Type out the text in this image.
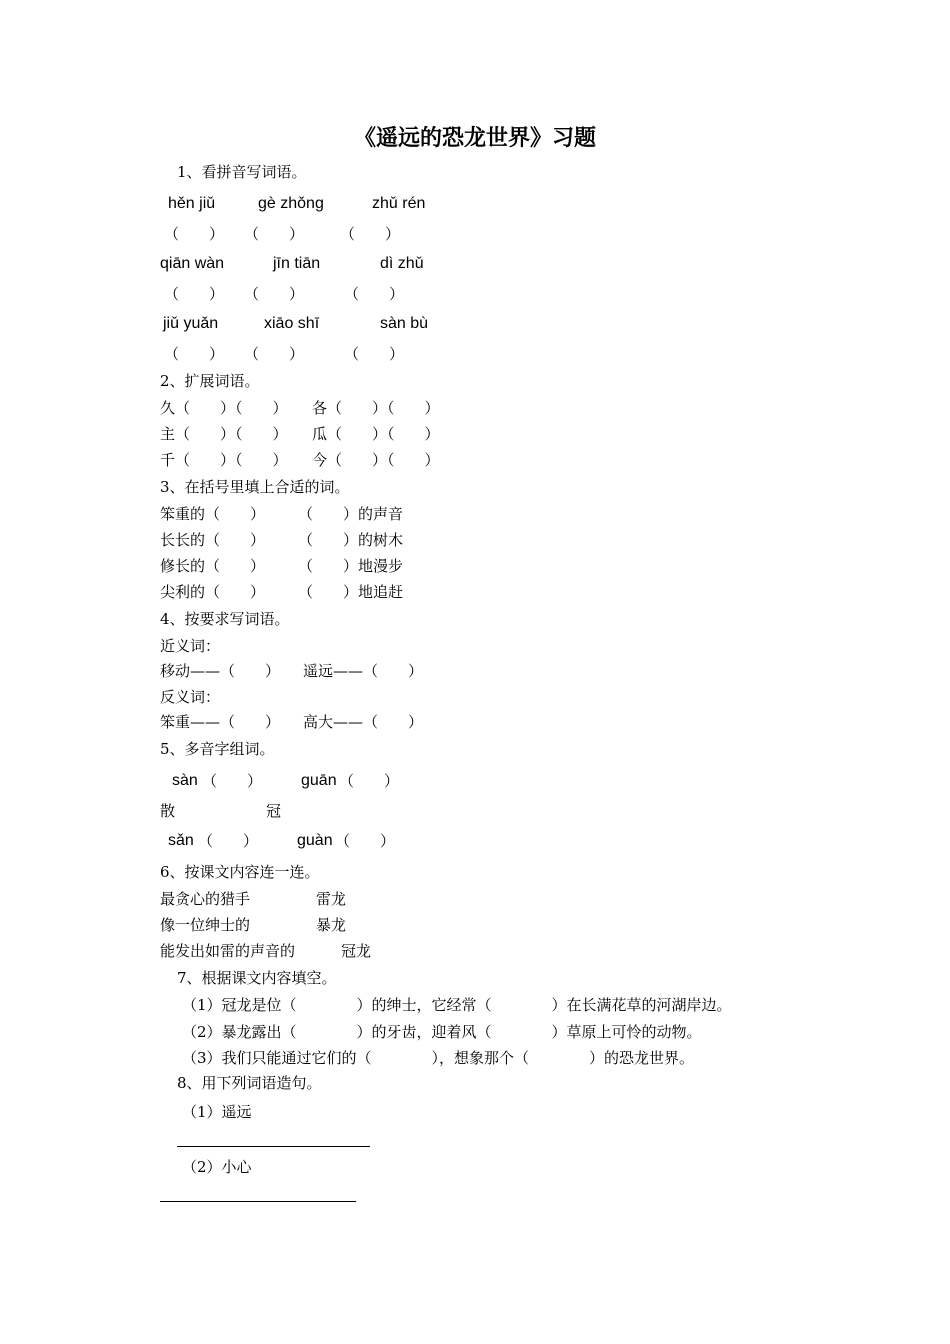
《遥远的恐龙世界》习题
1、看拼音写词语。
hěn jiǔ	gè zhǒng	zhǔ rén
（　　） （　　） （　　）
qiān wàn	jīn tiān	dì zhǔ
（　　） （　　）	（　　）
jiǔ yuǎn	xiāo shī	sàn bù
（　　） （　　）	（　　）
2、扩展词语。
久（　　）（　　） 各（　　）（　　）
主（　　）（　　） 瓜（　　）（　　）
千（　　）（　　） 今（　　）（　　）
3、在括号里填上合适的词。
笨重的（　　） （　　）的声音
长长的（　　） （　　）的树木
修长的（　　） （　　）地漫步
尖利的（　　） （　　）地追赶
4、按要求写词语。
近义词：
移动——（　　） 遥远——（　　）
反义词：
笨重——（　　） 高大——（　　）
5、多音字组词。
sàn （　　） guān （　　）
散	冠
sǎn （　　） guàn （　　）
6、按课文内容连一连。
最贪心的猎手	雷龙
像一位绅士的	暴龙
能发出如雷的声音的	冠龙
7、根据课文内容填空。
（1）冠龙是位（　　　　）的绅士，它经常（　　　　）在长满花草的河湖岸边。
（2）暴龙露出（　　　　）的牙齿，迎着风（　　　　）草原上可怜的动物。
（3）我们只能通过它们的（　　　　），想象那个（　　　　）的恐龙世界。
8、用下列词语造句。
（1）遥远
（2）小心
